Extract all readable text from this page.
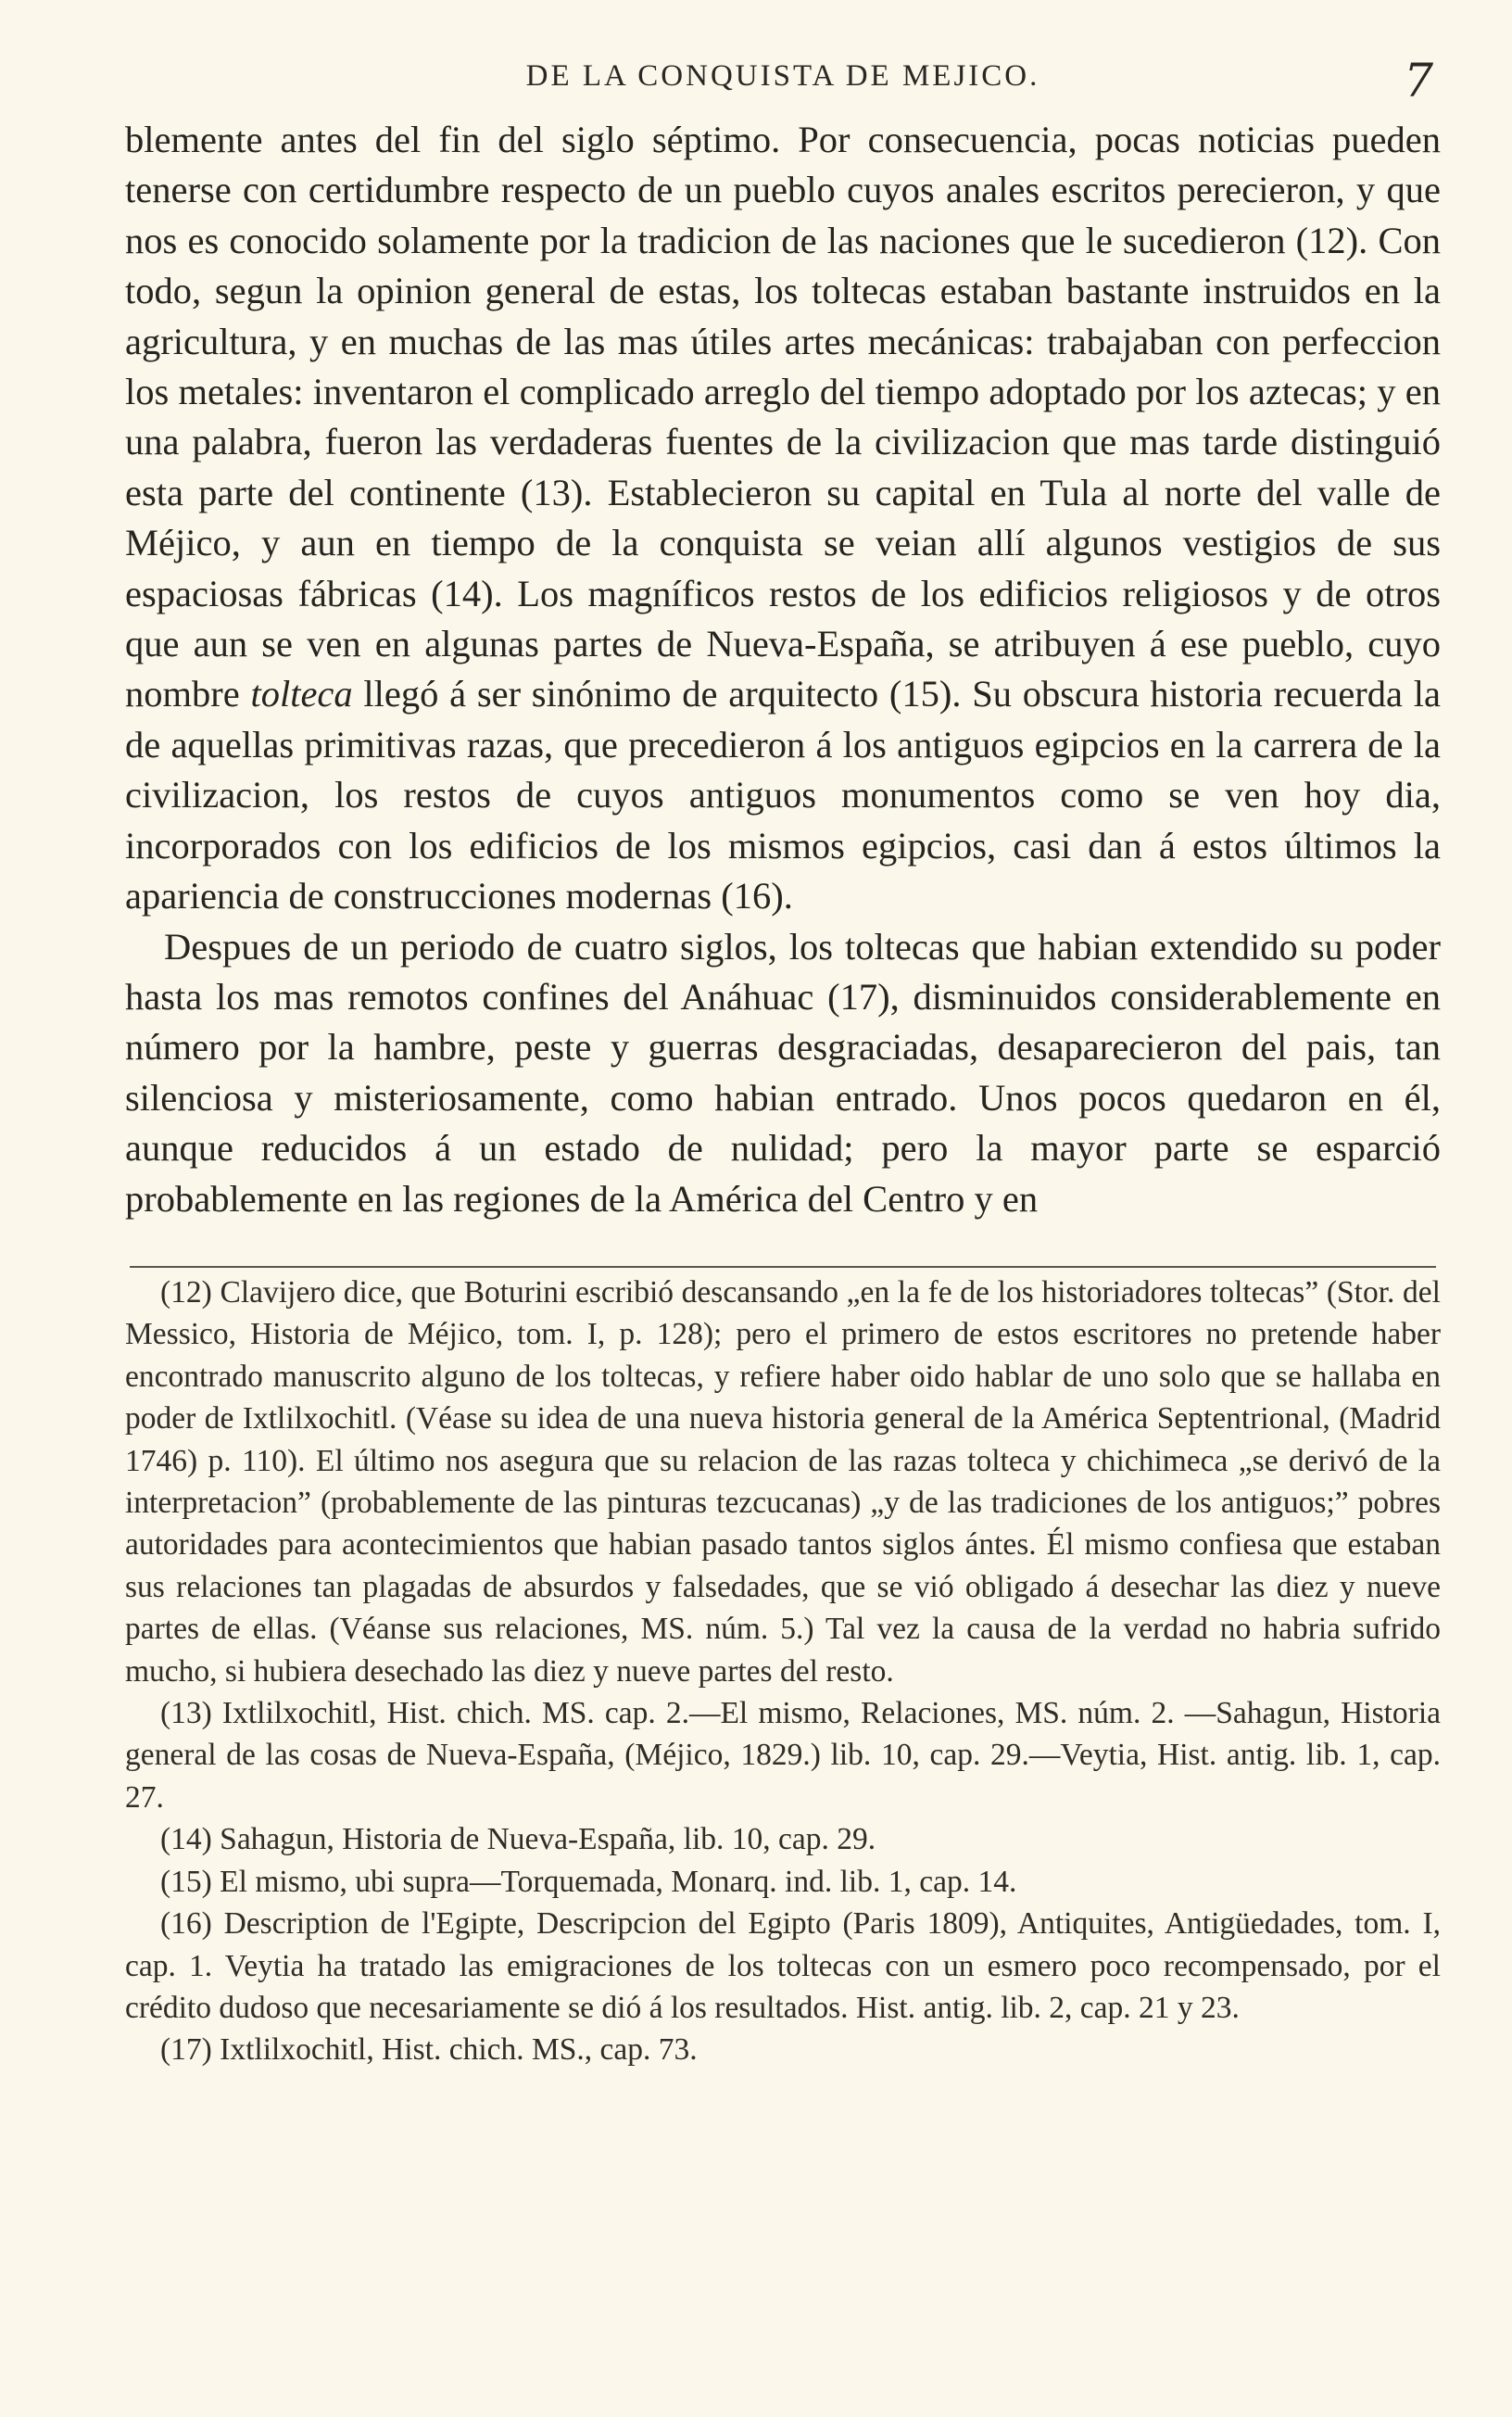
DE LA CONQUISTA DE MEJICO.	7

blemente antes del fin del siglo séptimo. Por consecuencia, pocas noticias pueden tenerse con certidumbre respecto de un pueblo cuyos anales escritos perecieron, y que nos es conocido solamente por la tradicion de las naciones que le sucedieron (12). Con todo, segun la opinion general de estas, los toltecas estaban bastante instruidos en la agricultura, y en muchas de las mas útiles artes mecánicas: trabajaban con perfeccion los metales: inventaron el complicado arreglo del tiempo adoptado por los aztecas; y en una palabra, fueron las verdaderas fuentes de la civilizacion que mas tarde distinguió esta parte del continente (13). Establecieron su capital en Tula al norte del valle de Méjico, y aun en tiempo de la conquista se veian allí algunos vestigios de sus espaciosas fábricas (14). Los magníficos restos de los edificios religiosos y de otros que aun se ven en algunas partes de Nueva-España, se atribuyen á ese pueblo, cuyo nombre tolteca llegó á ser sinónimo de arquitecto (15). Su obscura historia recuerda la de aquellas primitivas razas, que precedieron á los antiguos egipcios en la carrera de la civilizacion, los restos de cuyos antiguos monumentos como se ven hoy dia, incorporados con los edificios de los mismos egipcios, casi dan á estos últimos la apariencia de construcciones modernas (16).

Despues de un periodo de cuatro siglos, los toltecas que habian extendido su poder hasta los mas remotos confines del Anáhuac (17), disminuidos considerablemente en número por la hambre, peste y guerras desgraciadas, desaparecieron del pais, tan silenciosa y misteriosamente, como habian entrado. Unos pocos quedaron en él, aunque reducidos á un estado de nulidad; pero la mayor parte se esparció probablemente en las regiones de la América del Centro y en

(12) Clavijero dice, que Boturini escribió descansando „en la fe de los historiadores toltecas” (Stor. del Messico, Historia de Méjico, tom. I, p. 128); pero el primero de estos escritores no pretende haber encontrado manuscrito alguno de los toltecas, y refiere haber oido hablar de uno solo que se hallaba en poder de Ixtlilxochitl. (Véase su idea de una nueva historia general de la América Septentrional, (Madrid 1746) p. 110). El último nos asegura que su relacion de las razas tolteca y chichimeca „se derivó de la interpretacion” (probablemente de las pinturas tezcucanas) „y de las tradiciones de los antiguos;” pobres autoridades para acontecimientos que habian pasado tantos siglos ántes. Él mismo confiesa que estaban sus relaciones tan plagadas de absurdos y falsedades, que se vió obligado á desechar las diez y nueve partes de ellas. (Véanse sus relaciones, MS. núm. 5.) Tal vez la causa de la verdad no habria sufrido mucho, si hubiera desechado las diez y nueve partes del resto.

(13) Ixtlilxochitl, Hist. chich. MS. cap. 2.—El mismo, Relaciones, MS. núm. 2. —Sahagun, Historia general de las cosas de Nueva-España, (Méjico, 1829.) lib. 10, cap. 29.—Veytia, Hist. antig. lib. 1, cap. 27.

(14) Sahagun, Historia de Nueva-España, lib. 10, cap. 29.

(15) El mismo, ubi supra—Torquemada, Monarq. ind. lib. 1, cap. 14.

(16) Description de l'Egipte, Descripcion del Egipto (Paris 1809), Antiquites, Antigüedades, tom. I, cap. 1. Veytia ha tratado las emigraciones de los toltecas con un esmero poco recompensado, por el crédito dudoso que necesariamente se dió á los resultados. Hist. antig. lib. 2, cap. 21 y 23.

(17) Ixtlilxochitl, Hist. chich. MS., cap. 73.
